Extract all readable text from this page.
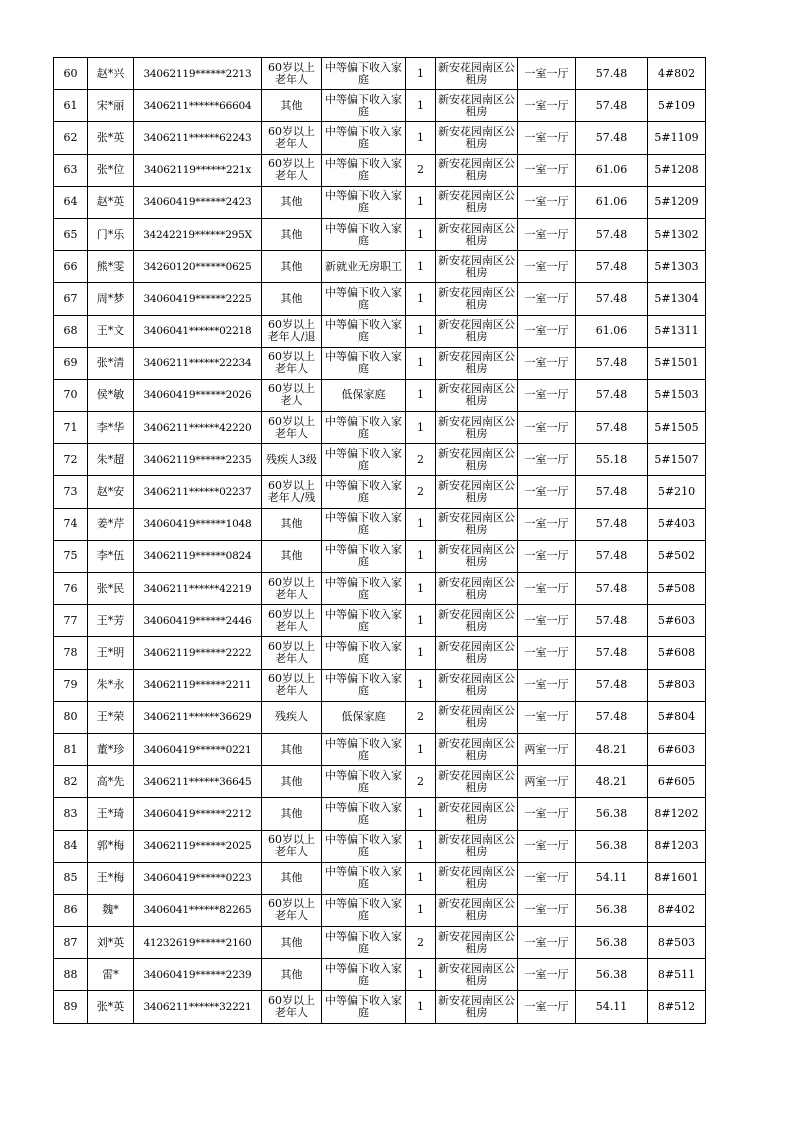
60	赵*兴	34062119******2213	60岁以上老年人	中等偏下收入家庭	1	新安花园南区公租房	一室一厅	57.48	4#802
61	宋*丽	3406211******66604	其他	中等偏下收入家庭	1	新安花园南区公租房	一室一厅	57.48	5#109
62	张*英	3406211******62243	60岁以上老年人	中等偏下收入家庭	1	新安花园南区公租房	一室一厅	57.48	5#1109
63	张*位	34062119******221x	60岁以上老年人	中等偏下收入家庭	2	新安花园南区公租房	一室一厅	61.06	5#1208
64	赵*英	34060419******2423	其他	中等偏下收入家庭	1	新安花园南区公租房	一室一厅	61.06	5#1209
65	门*乐	34242219******295X	其他	中等偏下收入家庭	1	新安花园南区公租房	一室一厅	57.48	5#1302
66	熊*雯	34260120******0625	其他	新就业无房职工	1	新安花园南区公租房	一室一厅	57.48	5#1303
67	周*梦	34060419******2225	其他	中等偏下收入家庭	1	新安花园南区公租房	一室一厅	57.48	5#1304
68	王*文	3406041******02218	60岁以上老年人/退	中等偏下收入家庭	1	新安花园南区公租房	一室一厅	61.06	5#1311
69	张*清	3406211******22234	60岁以上老年人	中等偏下收入家庭	1	新安花园南区公租房	一室一厅	57.48	5#1501
70	侯*敏	34060419******2026	60岁以上老人	低保家庭	1	新安花园南区公租房	一室一厅	57.48	5#1503
71	李*华	3406211******42220	60岁以上老年人	中等偏下收入家庭	1	新安花园南区公租房	一室一厅	57.48	5#1505
72	朱*超	34062119******2235	残疾人3级	中等偏下收入家庭	2	新安花园南区公租房	一室一厅	55.18	5#1507
73	赵*安	3406211******02237	60岁以上老年人/残	中等偏下收入家庭	2	新安花园南区公租房	一室一厅	57.48	5#210
74	姜*芹	34060419******1048	其他	中等偏下收入家庭	1	新安花园南区公租房	一室一厅	57.48	5#403
75	李*伍	34062119******0824	其他	中等偏下收入家庭	1	新安花园南区公租房	一室一厅	57.48	5#502
76	张*民	3406211******42219	60岁以上老年人	中等偏下收入家庭	1	新安花园南区公租房	一室一厅	57.48	5#508
77	王*芳	34060419******2446	60岁以上老年人	中等偏下收入家庭	1	新安花园南区公租房	一室一厅	57.48	5#603
78	王*明	34062119******2222	60岁以上老年人	中等偏下收入家庭	1	新安花园南区公租房	一室一厅	57.48	5#608
79	朱*永	34062119******2211	60岁以上老年人	中等偏下收入家庭	1	新安花园南区公租房	一室一厅	57.48	5#803
80	王*荣	3406211******36629	残疾人	低保家庭	2	新安花园南区公租房	一室一厅	57.48	5#804
81	董*珍	34060419******0221	其他	中等偏下收入家庭	1	新安花园南区公租房	两室一厅	48.21	6#603
82	高*先	3406211******36645	其他	中等偏下收入家庭	2	新安花园南区公租房	两室一厅	48.21	6#605
83	王*琦	34060419******2212	其他	中等偏下收入家庭	1	新安花园南区公租房	一室一厅	56.38	8#1202
84	郭*梅	34062119******2025	60岁以上老年人	中等偏下收入家庭	1	新安花园南区公租房	一室一厅	56.38	8#1203
85	王*梅	34060419******0223	其他	中等偏下收入家庭	1	新安花园南区公租房	一室一厅	54.11	8#1601
86	魏*	3406041******82265	60岁以上老年人	中等偏下收入家庭	1	新安花园南区公租房	一室一厅	56.38	8#402
87	刘*英	41232619******2160	其他	中等偏下收入家庭	2	新安花园南区公租房	一室一厅	56.38	8#503
88	雷*	34060419******2239	其他	中等偏下收入家庭	1	新安花园南区公租房	一室一厅	56.38	8#511
89	张*英	3406211******32221	60岁以上老年人	中等偏下收入家庭	1	新安花园南区公租房	一室一厅	54.11	8#512
